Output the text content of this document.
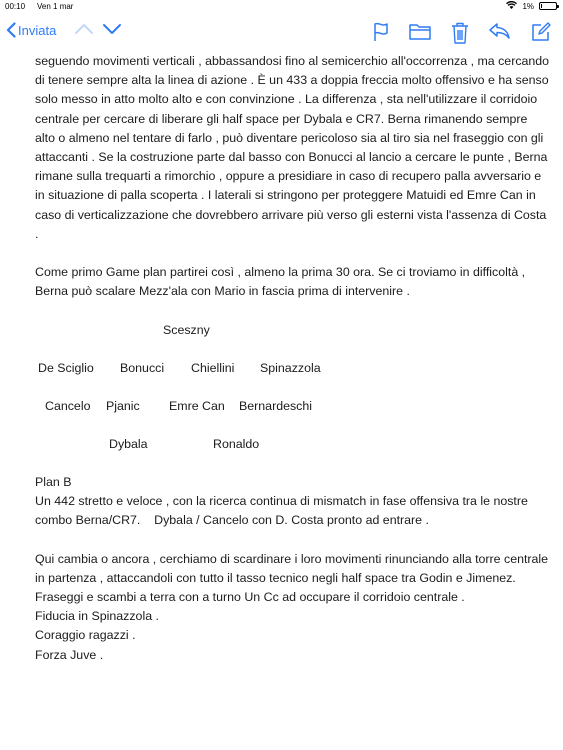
00:10 Ven 1 mar	1%
Inviata

seguendo movimenti verticali , abbassandosi fino al semicerchio all'occorrenza , ma cercando di tenere sempre alta la linea di azione . È un 433 a doppia freccia molto offensivo e ha senso solo messo in atto molto alto e con convinzione . La differenza , sta nell'utilizzare il corridoio centrale per cercare di liberare gli half space per Dybala e CR7. Berna rimanendo sempre alto o almeno nel tentare di farlo , può diventare pericoloso sia al tiro sia nel fraseggio con gli attaccanti . Se la costruzione parte dal basso con Bonucci al lancio a cercare le punte , Berna rimane sulla trequarti a rimorchio , oppure a presidiare in caso di recupero palla avversario e in situazione di palla scoperta . I laterali si stringono per proteggere Matuidi ed Emre Can in caso di verticalizzazione che dovrebbero arrivare più verso gli esterni vista l'assenza di Costa .

Come primo Game plan partirei così , almeno la prima 30 ora. Se ci troviamo in difficoltà , Berna può scalare Mezz'ala con Mario in fascia prima di intervenire .

Sceszny
De Sciglio Bonucci Chiellini Spinazzola
Cancelo Pjanic Emre Can Bernardeschi
Dybala	Ronaldo

Plan B

Un 442 stretto e veloce , con la ricerca continua di mismatch in fase offensiva tra le nostre combo Berna/CR7.    Dybala / Cancelo con D. Costa pronto ad entrare .

Qui cambia o ancora , cerchiamo di scardinare i loro movimenti rinunciando alla torre centrale in partenza , attaccandoli con tutto il tasso tecnico negli half space tra Godin e Jimenez. Fraseggi e scambi a terra con a turno Un Cc ad occupare il corridoio centrale .

Fiducia in Spinazzola .

Coraggio ragazzi .

Forza Juve .
